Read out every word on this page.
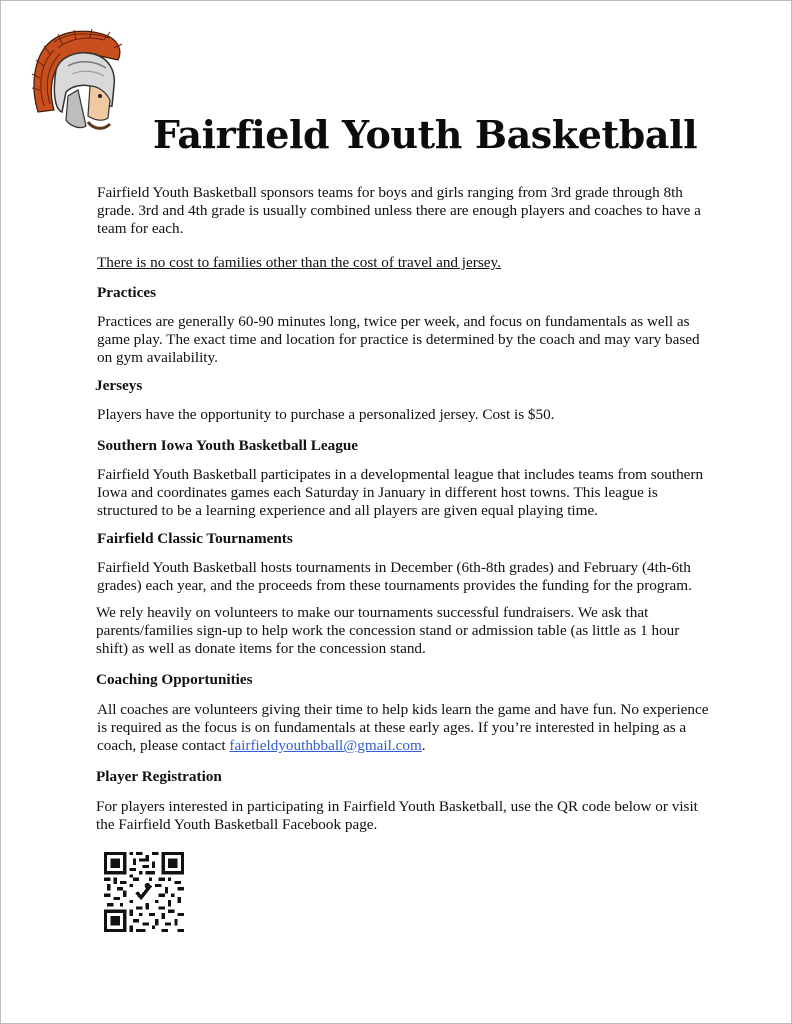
Fairfield Youth Basketball

Fairfield Youth Basketball sponsors teams for boys and girls ranging from 3rd grade through 8th grade. 3rd and 4th grade is usually combined unless there are enough players and coaches to have a team for each.

There is no cost to families other than the cost of travel and jersey.

Practices

Practices are generally 60-90 minutes long, twice per week, and focus on fundamentals as well as game play. The exact time and location for practice is determined by the coach and may vary based on gym availability.

Jerseys

Players have the opportunity to purchase a personalized jersey. Cost is $50.

Southern Iowa Youth Basketball League

Fairfield Youth Basketball participates in a developmental league that includes teams from southern Iowa and coordinates games each Saturday in January in different host towns. This league is structured to be a learning experience and all players are given equal playing time.

Fairfield Classic Tournaments

Fairfield Youth Basketball hosts tournaments in December (6th-8th grades) and February (4th-6th grades) each year, and the proceeds from these tournaments provides the funding for the program.

We rely heavily on volunteers to make our tournaments successful fundraisers. We ask that parents/families sign-up to help work the concession stand or admission table (as little as 1 hour shift) as well as donate items for the concession stand.

Coaching Opportunities

All coaches are volunteers giving their time to help kids learn the game and have fun. No experience is required as the focus is on fundamentals at these early ages. If you’re interested in helping as a coach, please contact fairfieldyouthbball@gmail.com.

Player Registration

For players interested in participating in Fairfield Youth Basketball, use the QR code below or visit the Fairfield Youth Basketball Facebook page.
